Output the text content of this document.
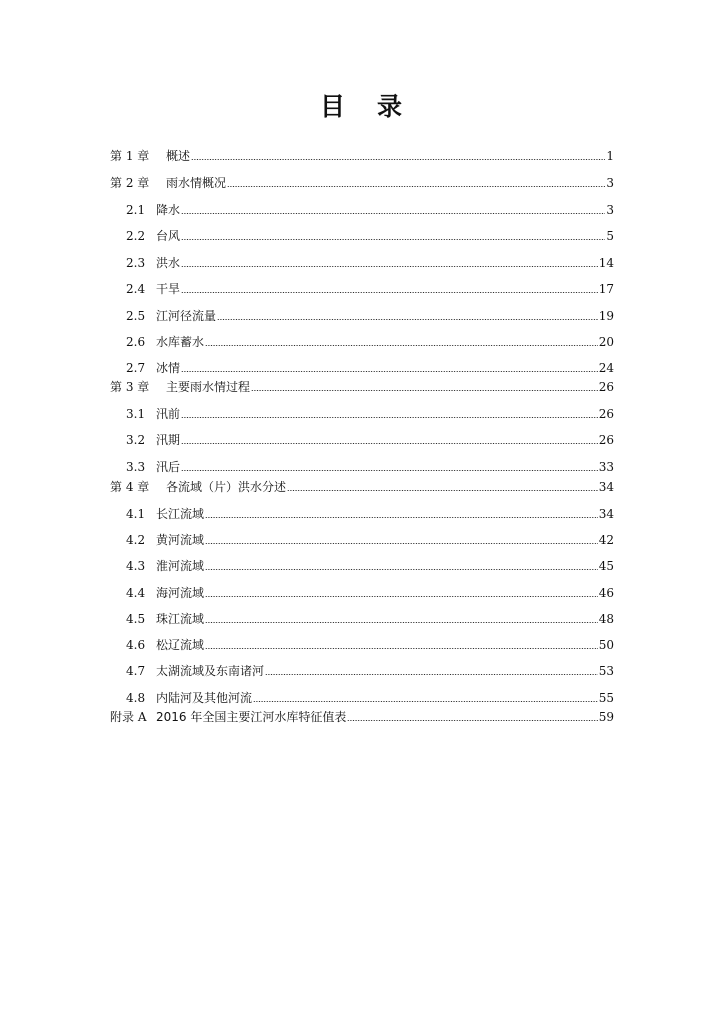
目 录
第 1 章	概述	1
第 2 章	雨水情概况	3
2.1 降水	3
2.2 台风	5
2.3 洪水	14
2.4 干旱	17
2.5 江河径流量	19
2.6 水库蓄水	20
2.7 冰情	24
第 3 章	主要雨水情过程	26
3.1 汛前	26
3.2 汛期	26
3.3 汛后	33
第 4 章	各流域（片）洪水分述	34
4.1 长江流域	34
4.2 黄河流域	42
4.3 淮河流域	45
4.4 海河流域	46
4.5 珠江流域	48
4.6 松辽流域	50
4.7 太湖流域及东南诸河	53
4.8 内陆河及其他河流	55
附录 A 2016 年全国主要江河水库特征值表	59
